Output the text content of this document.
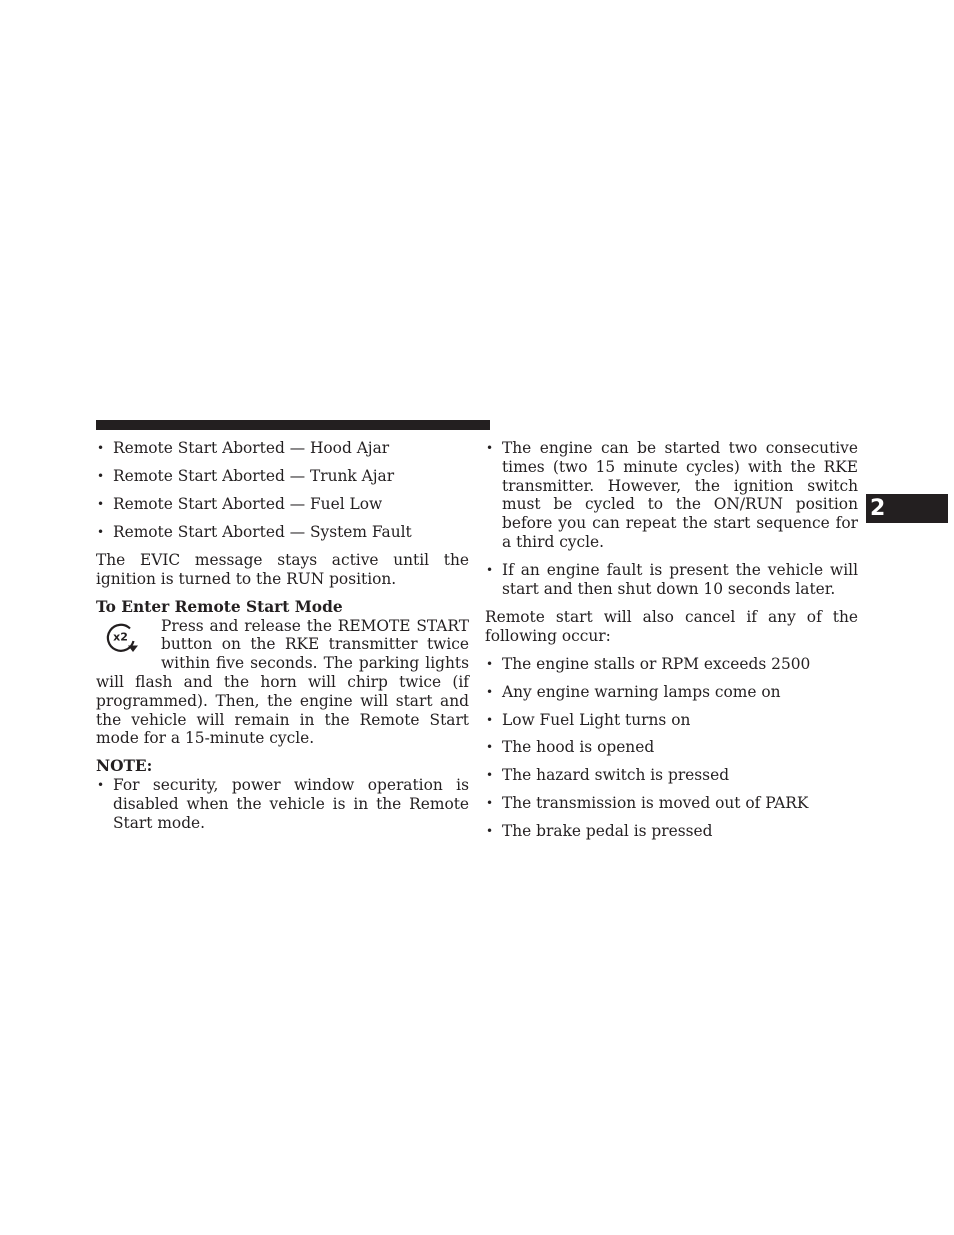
2
• Remote Start Aborted — Hood Ajar
• Remote Start Aborted — Trunk Ajar
• Remote Start Aborted — Fuel Low
• Remote Start Aborted — System Fault

The EVIC message stays active until the ignition is turned to the RUN position.

To Enter Remote Start Mode

x2
Press and release the REMOTE START button on the RKE transmitter twice within five seconds. The parking lights will flash and the horn will chirp twice (if programmed). Then, the engine will start and the vehicle will remain in the Remote Start mode for a 15-minute cycle.

NOTE:

• For security, power window operation is disabled when the vehicle is in the Remote Start mode.
• The engine can be started two consecutive times (two 15 minute cycles) with the RKE transmitter. However, the ignition switch must be cycled to the ON/RUN position before you can repeat the start sequence for a third cycle.
• If an engine fault is present the vehicle will start and then shut down 10 seconds later.

Remote start will also cancel if any of the following occur:

• The engine stalls or RPM exceeds 2500
• Any engine warning lamps come on
• Low Fuel Light turns on
• The hood is opened
• The hazard switch is pressed
• The transmission is moved out of PARK
• The brake pedal is pressed
